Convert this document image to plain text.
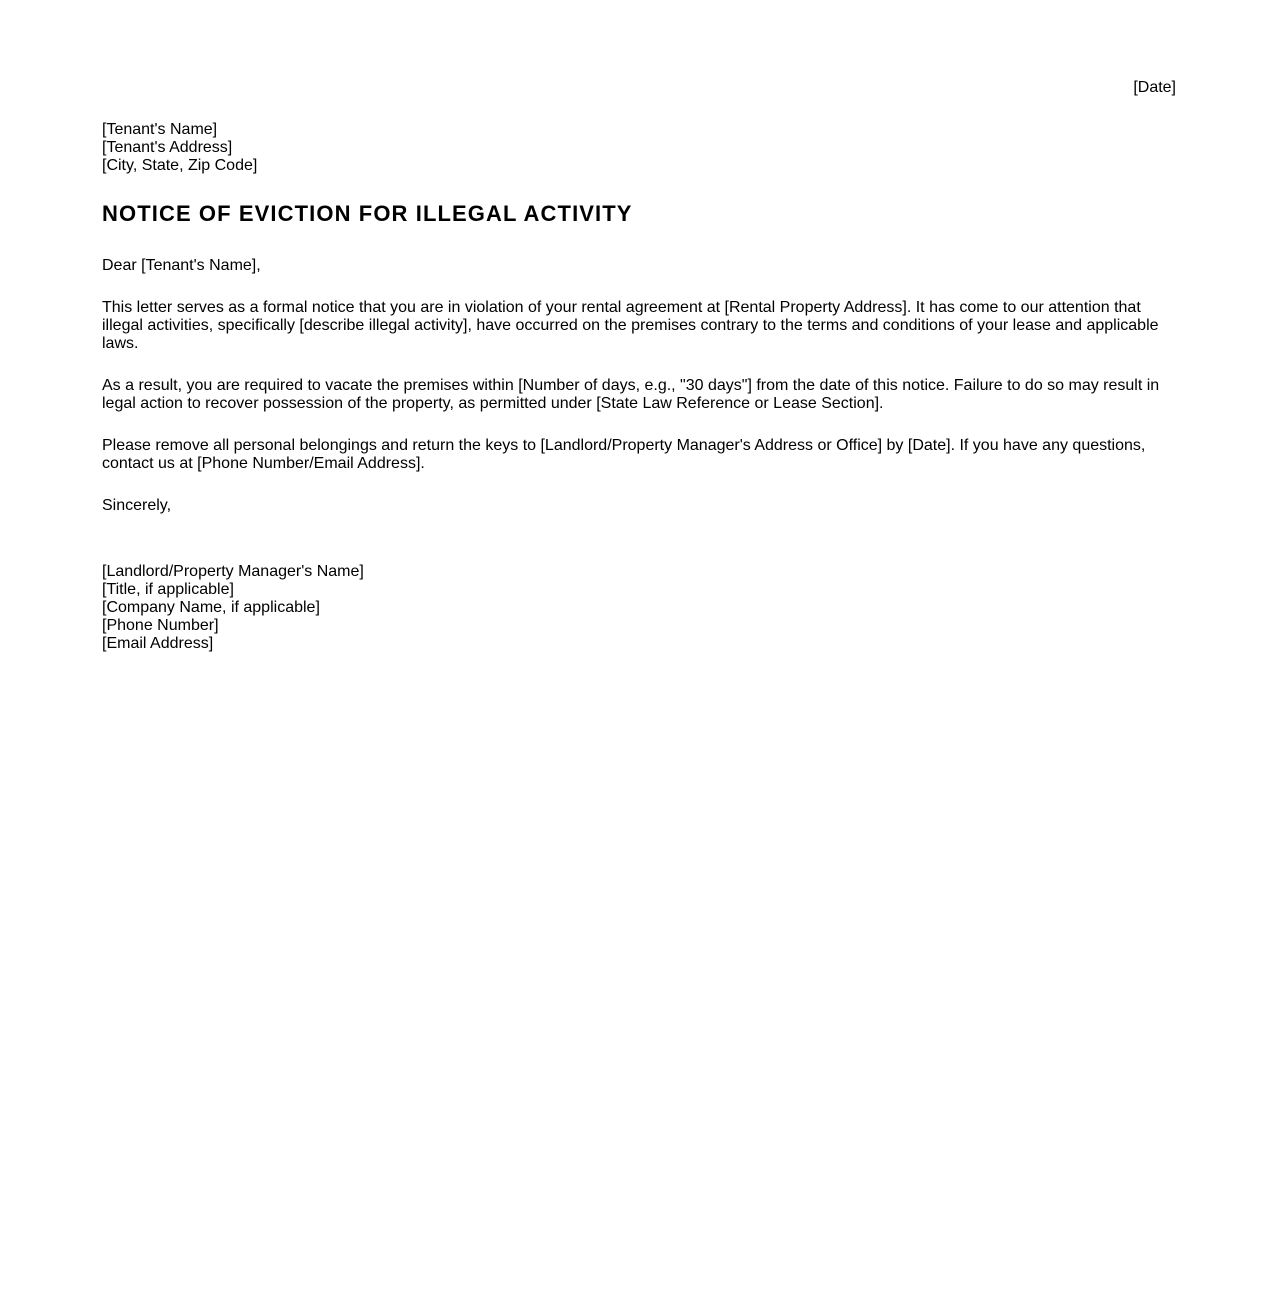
[Date]
[Tenant's Name]
[Tenant's Address]
[City, State, Zip Code]
NOTICE OF EVICTION FOR ILLEGAL ACTIVITY
Dear [Tenant's Name],

This letter serves as a formal notice that you are in violation of your rental agreement at [Rental Property Address]. It has come to our attention that illegal activities, specifically [describe illegal activity], have occurred on the premises contrary to the terms and conditions of your lease and applicable laws.

As a result, you are required to vacate the premises within [Number of days, e.g., "30 days"] from the date of this notice. Failure to do so may result in legal action to recover possession of the property, as permitted under [State Law Reference or Lease Section].

Please remove all personal belongings and return the keys to [Landlord/Property Manager's Address or Office] by [Date]. If you have any questions, contact us at [Phone Number/Email Address].

Sincerely,
[Landlord/Property Manager's Name]
[Title, if applicable]
[Company Name, if applicable]
[Phone Number]
[Email Address]
